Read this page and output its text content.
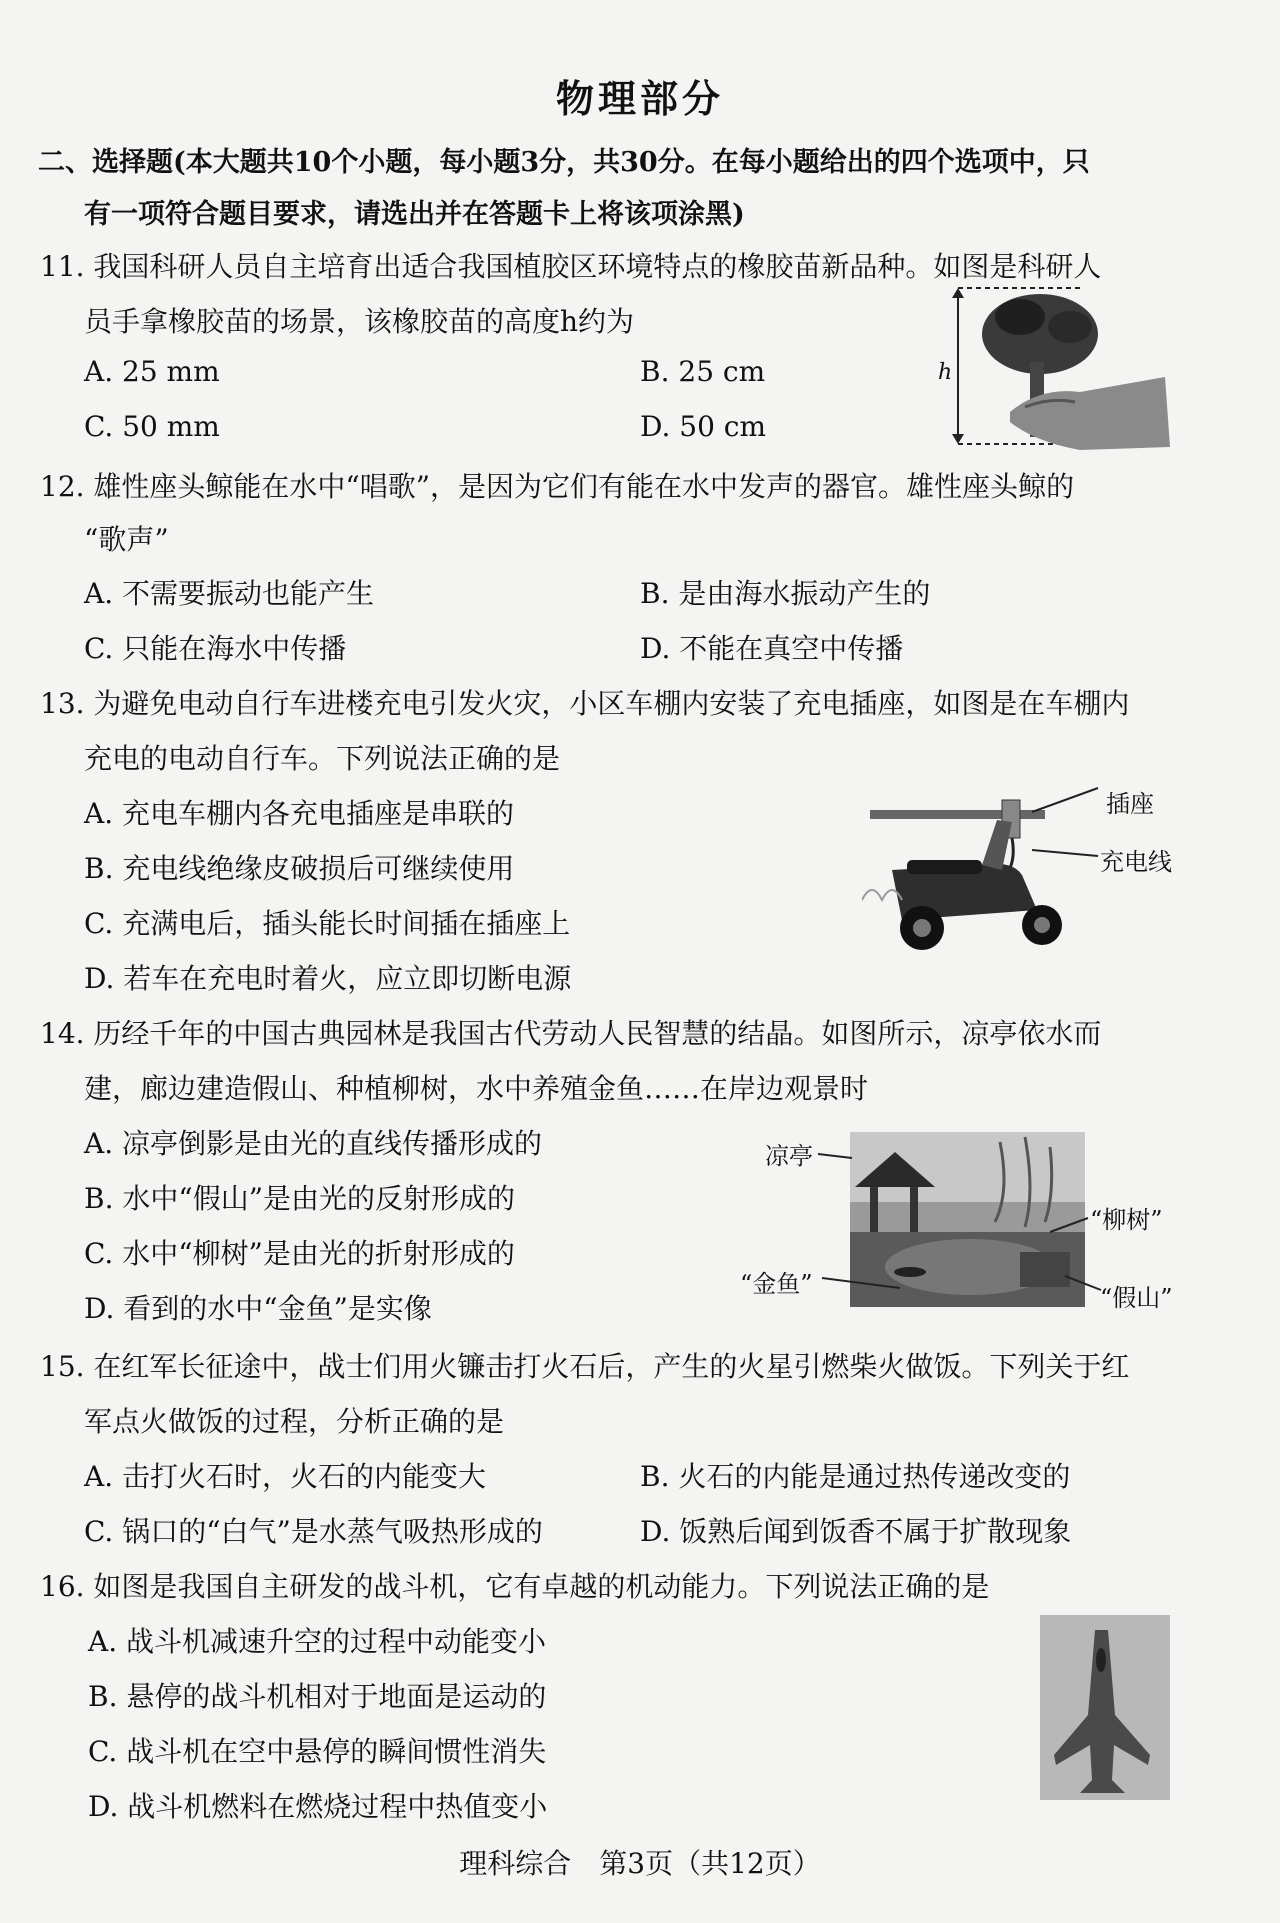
物理部分
二、选择题(本大题共10个小题，每小题3分，共30分。在每小题给出的四个选项中，只
有一项符合题目要求，请选出并在答题卡上将该项涂黑)
11. 我国科研人员自主培育出适合我国植胶区环境特点的橡胶苗新品种。如图是科研人
员手拿橡胶苗的场景，该橡胶苗的高度h约为
A. 25 mm	B. 25 cm
C. 50 mm	D. 50 cm
h
12. 雄性座头鲸能在水中“唱歌”，是因为它们有能在水中发声的器官。雄性座头鲸的
“歌声”
A. 不需要振动也能产生	B. 是由海水振动产生的
C. 只能在海水中传播	D. 不能在真空中传播
13. 为避免电动自行车进楼充电引发火灾，小区车棚内安装了充电插座，如图是在车棚内
充电的电动自行车。下列说法正确的是
A. 充电车棚内各充电插座是串联的
B. 充电线绝缘皮破损后可继续使用
C. 充满电后，插头能长时间插在插座上
D. 若车在充电时着火，应立即切断电源
插座
充电线
14. 历经千年的中国古典园林是我国古代劳动人民智慧的结晶。如图所示，凉亭依水而
建，廊边建造假山、种植柳树，水中养殖金鱼……在岸边观景时
A. 凉亭倒影是由光的直线传播形成的
B. 水中“假山”是由光的反射形成的
C. 水中“柳树”是由光的折射形成的
D. 看到的水中“金鱼”是实像
凉亭
“柳树”
“金鱼”	“假山”
15. 在红军长征途中，战士们用火镰击打火石后，产生的火星引燃柴火做饭。下列关于红
军点火做饭的过程，分析正确的是
A. 击打火石时，火石的内能变大	B. 火石的内能是通过热传递改变的
C. 锅口的“白气”是水蒸气吸热形成的	D. 饭熟后闻到饭香不属于扩散现象
16. 如图是我国自主研发的战斗机，它有卓越的机动能力。下列说法正确的是
A. 战斗机减速升空的过程中动能变小
B. 悬停的战斗机相对于地面是运动的
C. 战斗机在空中悬停的瞬间惯性消失
D. 战斗机燃料在燃烧过程中热值变小
理科综合　第3页（共12页）
